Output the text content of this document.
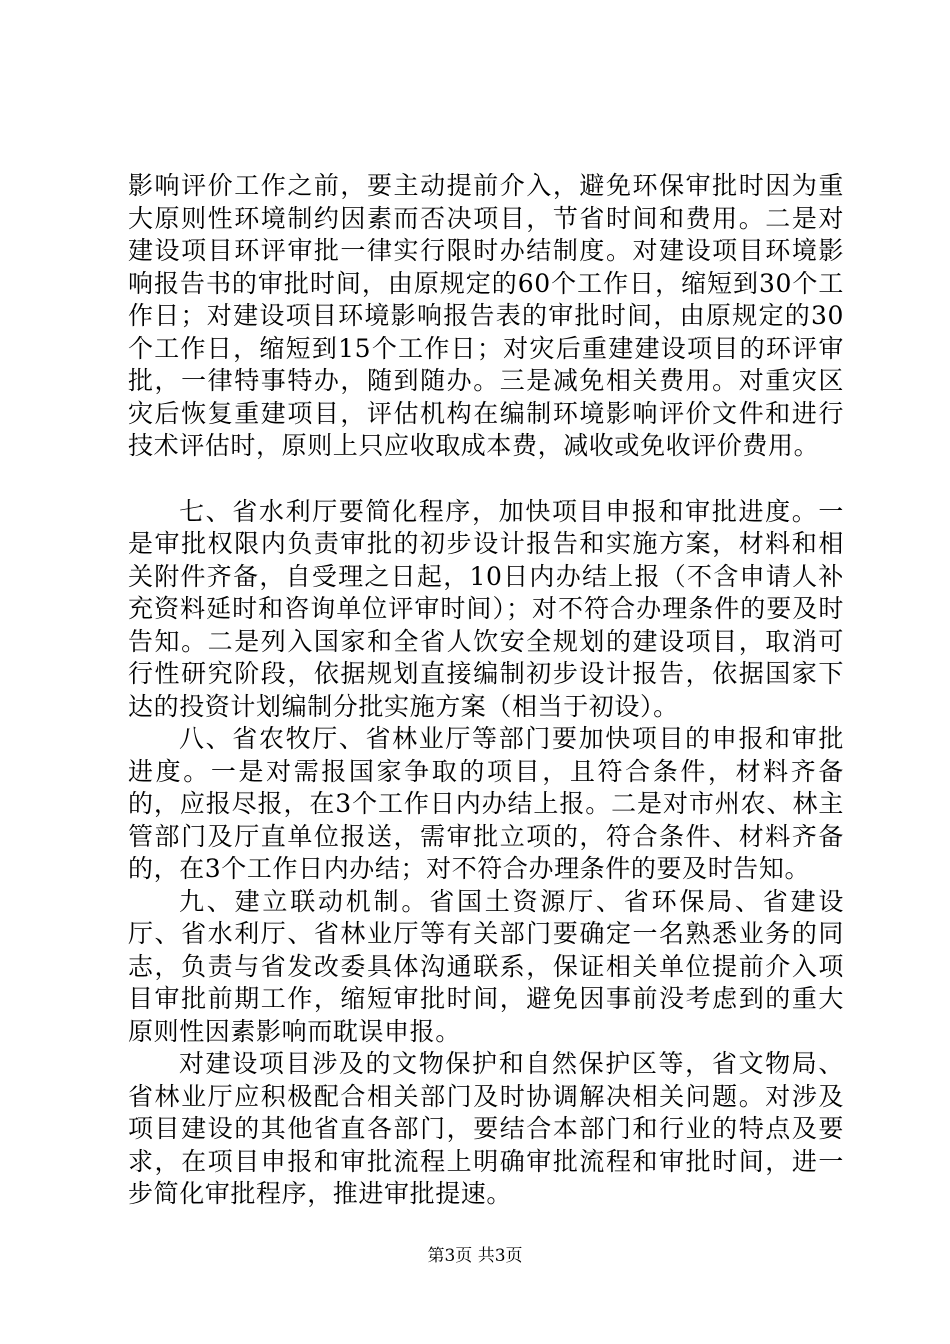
影响评价工作之前，要主动提前介入，避免环保审批时因为重大原则性环境制约因素而否决项目，节省时间和费用。二是对建设项目环评审批一律实行限时办结制度。对建设项目环境影响报告书的审批时间，由原规定的60个工作日，缩短到30个工作日；对建设项目环境影响报告表的审批时间，由原规定的30个工作日，缩短到15个工作日；对灾后重建建设项目的环评审批，一律特事特办，随到随办。三是减免相关费用。对重灾区灾后恢复重建项目，评估机构在编制环境影响评价文件和进行技术评估时，原则上只应收取成本费，减收或免收评价费用。

七、省水利厅要简化程序，加快项目申报和审批进度。一是审批权限内负责审批的初步设计报告和实施方案，材料和相关附件齐备，自受理之日起，10日内办结上报（不含申请人补充资料延时和咨询单位评审时间）；对不符合办理条件的要及时告知。二是列入国家和全省人饮安全规划的建设项目，取消可行性研究阶段，依据规划直接编制初步设计报告，依据国家下达的投资计划编制分批实施方案（相当于初设）。

八、省农牧厅、省林业厅等部门要加快项目的申报和审批进度。一是对需报国家争取的项目，且符合条件，材料齐备的，应报尽报，在3个工作日内办结上报。二是对市州农、林主管部门及厅直单位报送，需审批立项的，符合条件、材料齐备的，在3个工作日内办结；对不符合办理条件的要及时告知。

九、建立联动机制。省国土资源厅、省环保局、省建设厅、省水利厅、省林业厅等有关部门要确定一名熟悉业务的同志，负责与省发改委具体沟通联系，保证相关单位提前介入项目审批前期工作，缩短审批时间，避免因事前没考虑到的重大原则性因素影响而耽误申报。

对建设项目涉及的文物保护和自然保护区等，省文物局、省林业厅应积极配合相关部门及时协调解决相关问题。对涉及项目建设的其他省直各部门，要结合本部门和行业的特点及要求，在项目申报和审批流程上明确审批流程和审批时间，进一步简化审批程序，推进审批提速。

第3页 共3页
